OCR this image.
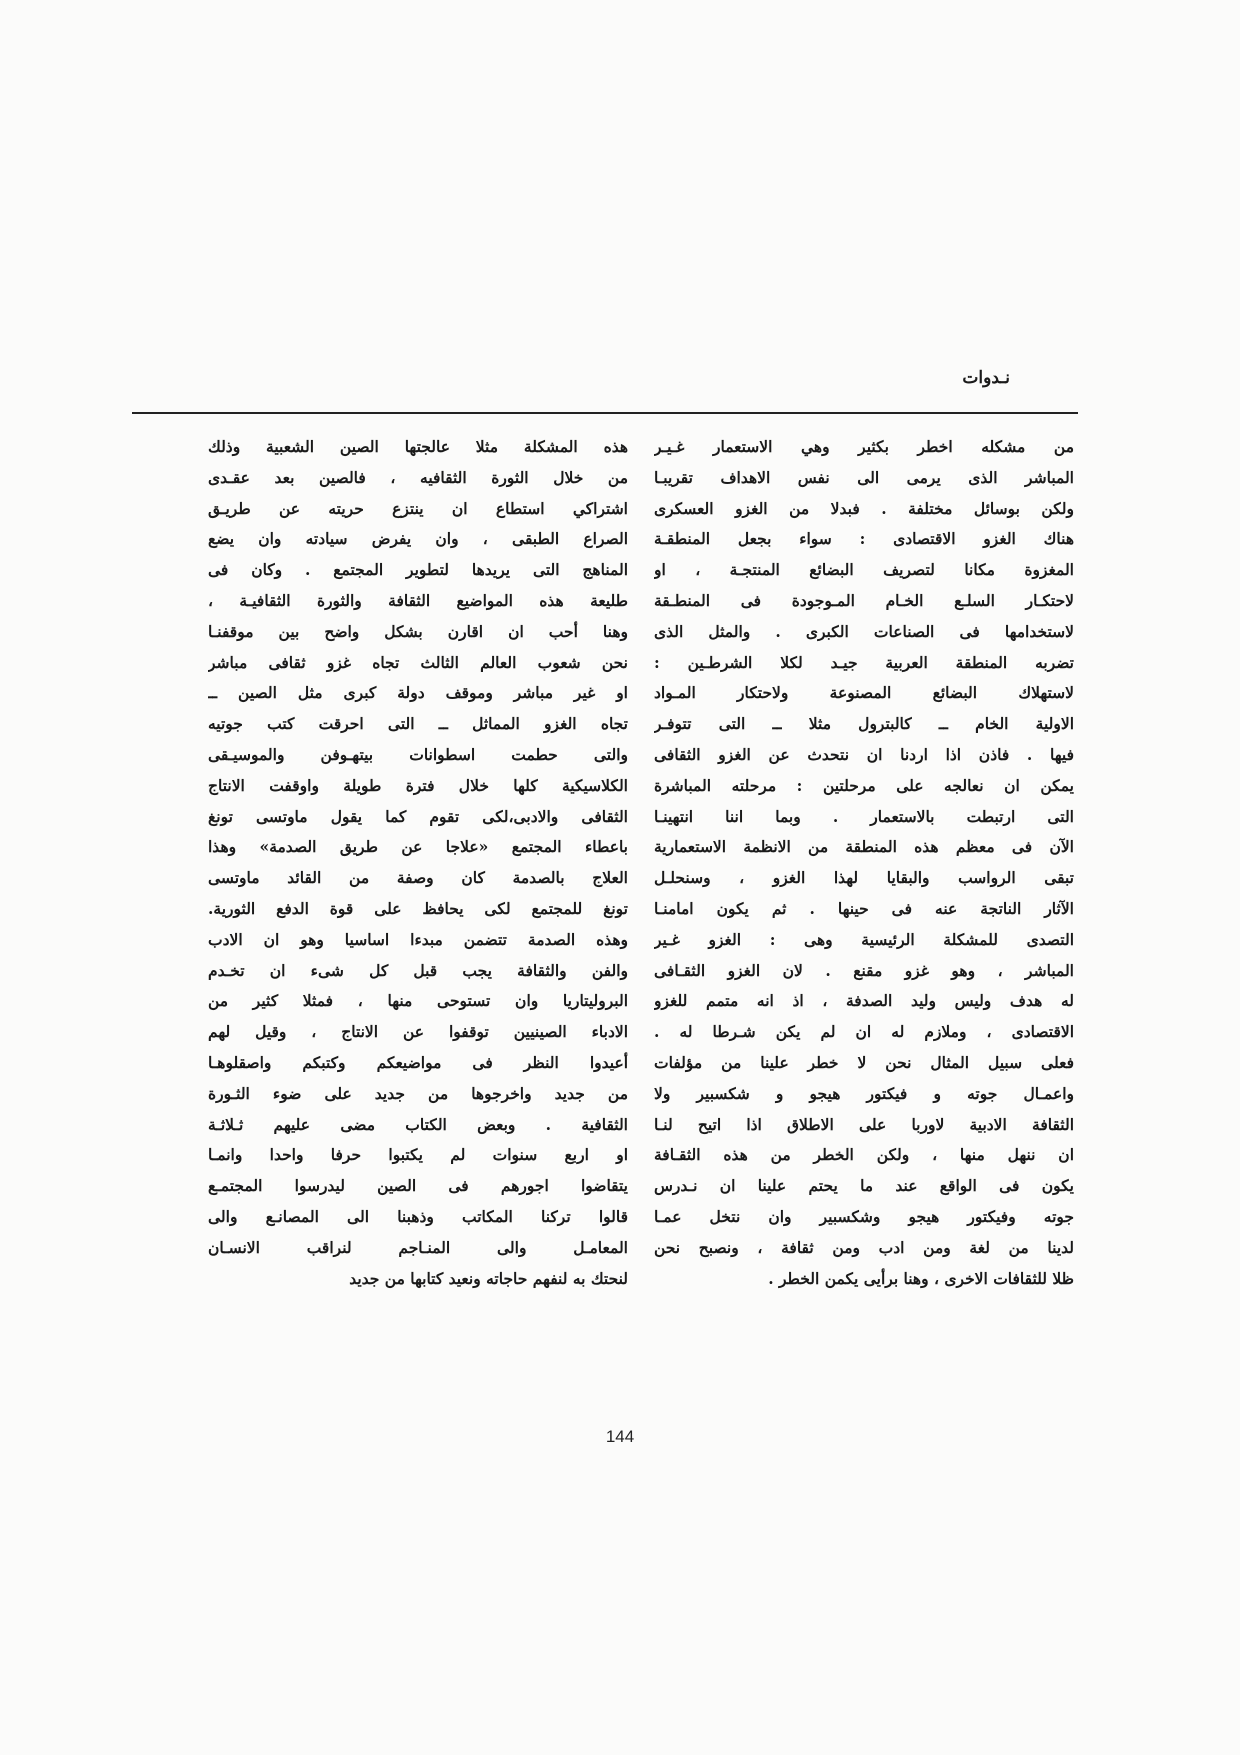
نـدوات
من مشكله اخطر بكثير وهي الاستعمار غـيـر
المباشر الذى يرمى الى نفس الاهداف تقريبـا
ولكن بوسائل مختلفة . فبدلا من الغزو العسكرى
هناك الغزو الاقتصادى : سواء بجعل المنطقـة
المغزوة مكانا لتصريف البضائع المنتجـة ، او
لاحتكـار السلـع الخـام المـوجودة فى المنطـقة
لاستخدامها فى الصناعات الكبرى . والمثل الذى
تضربه المنطقة العربية جيـد لكلا الشرطـين :
لاستهلاك البضائع المصنوعة ولاحتكار المـواد
الاولية الخام ــ كالبترول مثلا ــ التى تتوفـر
فيها . فاذن اذا اردنا ان نتحدث عن الغزو الثقافى
يمكن ان نعالجه على مرحلتين : مرحلته المباشرة
التى ارتبطت بالاستعمار . وبما اننا انتهينـا
الآن فى معظم هذه المنطقة من الانظمة الاستعمارية
تبقى الرواسب والبقايا لهذا الغزو ، وسنحلـل
الآثار الناتجة عنه فى حينها . ثم يكون امامنـا
التصدى للمشكلة الرئيسية وهى : الغزو غـير
المباشر ، وهو غزو مقنع . لان الغزو الثقـافى
له هدف وليس وليد الصدفة ، اذ انه متمم للغزو
الاقتصادى ، وملازم له ان لم يكن شـرطا له .
فعلى سبيل المثال نحن لا خطر علينا من مؤلفات
واعمـال جوته و فيكتور هيجو و شكسبير ولا
الثقافة الادبية لاوربا على الاطلاق اذا اتيح لنـا
ان ننهل منها ، ولكن الخطر من هذه الثقـافة
يكون فى الواقع عند ما يحتم علينا ان نـدرس
جوته وفيكتور هيجو وشكسبير وان نتخل عمـا
لدينا من لغة ومن ادب ومن ثقافة ، ونصبح نحن
ظلا للثقافات الاخرى ، وهنا برأيى يكمن الخطر .
هذه المشكلة مثلا عالجتها الصين الشعبية وذلك
من خلال الثورة الثقافيه ، فالصين بعد عقـدى
اشتراكي استطاع ان ينتزع حريته عن طريـق
الصراع الطبقى ، وان يفرض سيادته وان يضع
المناهج التى يريدها لتطوير المجتمع . وكان فى
طليعة هذه المواضيع الثقافة والثورة الثقافيـة ،
وهنا أحب ان اقارن بشكل واضح بين موقفنـا
نحن شعوب العالم الثالث تجاه غزو ثقافى مباشر
او غير مباشر وموقف دولة كبرى مثل الصين ــ
تجاه الغزو المماثل ــ التى احرقت كتب جوتيه
والتى حطمت اسطوانات بيتهـوفن والموسيـقى
الكلاسيكية كلها خلال فترة طويلة واوقفت الانتاج
الثقافى والادبى،لكى تقوم كما يقول ماوتسى تونغ
باعطاء المجتمع «علاجا عن طريق الصدمة» وهذا
العلاج بالصدمة كان وصفة من القائد ماوتسى
تونغ للمجتمع لكى يحافظ على قوة الدفع الثورية.
وهذه الصدمة تتضمن مبدءا اساسيا وهو ان الادب
والفن والثقافة يجب قبل كل شىء ان تخـدم
البروليتاريا وان تستوحى منها ، فمثلا كثير من
الادباء الصينيين توقفوا عن الانتاج ، وقيل لهم
أعيدوا النظر فى مواضيعكم وكتبكم واصقلوهـا
من جديد واخرجوها من جديد على ضوء الثـورة
الثقافية . وبعض الكتاب مضى عليهم ثـلاثـة
او اربع سنوات لم يكتبوا حرفا واحدا وانمـا
يتقاضوا اجورهم فى الصين ليدرسوا المجتمـع
قالوا تركنا المكاتب وذهبنا الى المصانـع والى
المعامـل والى المنـاجم لنراقب الانسـان
لنحتك به لنفهم حاجاته ونعيد كتابها من جديد
144
